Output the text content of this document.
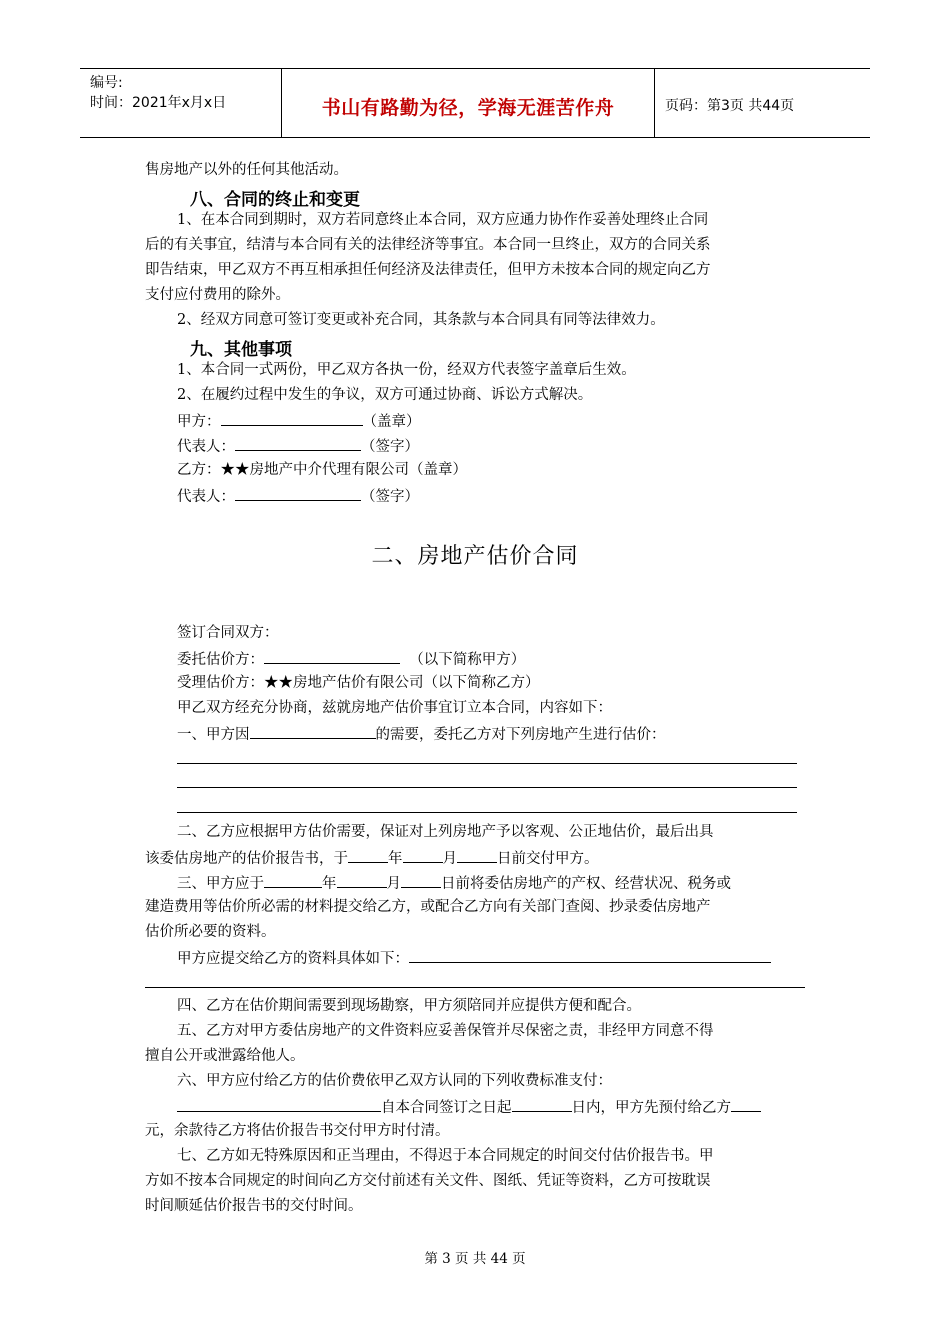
编号:
时间：2021年x月x日	书山有路勤为径，学海无涯苦作舟	页码：第3页 共44页
售房地产以外的任何其他活动。
八、合同的终止和变更
1、在本合同到期时，双方若同意终止本合同，双方应通力协作作妥善处理终止合同
后的有关事宜，结清与本合同有关的法律经济等事宜。本合同一旦终止，双方的合同关系
即告结束，甲乙双方不再互相承担任何经济及法律责任，但甲方未按本合同的规定向乙方
支付应付费用的除外。
2、经双方同意可签订变更或补充合同，其条款与本合同具有同等法律效力。
九、其他事项
1、本合同一式两份，甲乙双方各执一份，经双方代表签字盖章后生效。
2、在履约过程中发生的争议，双方可通过协商、诉讼方式解决。
甲方：	（盖章）
代表人：	（签字）
乙方：★★房地产中介代理有限公司（盖章）
代表人：	（签字）
二、房地产估价合同
签订合同双方：
委托估价方：	（以下简称甲方）
受理估价方：★★房地产估价有限公司（以下简称乙方）
甲乙双方经充分协商，兹就房地产估价事宜订立本合同，内容如下：
一、甲方因	的需要，委托乙方对下列房地产生进行估价：
二、乙方应根据甲方估价需要，保证对上列房地产予以客观、公正地估价，最后出具
该委估房地产的估价报告书，于	年	月	日前交付甲方。
三、甲方应于	年	月	日前将委估房地产的产权、经营状况、税务或
建造费用等估价所必需的材料提交给乙方，或配合乙方向有关部门查阅、抄录委估房地产
估价所必要的资料。
甲方应提交给乙方的资料具体如下：
四、乙方在估价期间需要到现场勘察，甲方须陪同并应提供方便和配合。
五、乙方对甲方委估房地产的文件资料应妥善保管并尽保密之责，非经甲方同意不得
擅自公开或泄露给他人。
六、甲方应付给乙方的估价费依甲乙双方认同的下列收费标准支付：
自本合同签订之日起	日内，甲方先预付给乙方
元，余款待乙方将估价报告书交付甲方时付清。
七、乙方如无特殊原因和正当理由，不得迟于本合同规定的时间交付估价报告书。甲
方如不按本合同规定的时间向乙方交付前述有关文件、图纸、凭证等资料，乙方可按耽误
时间顺延估价报告书的交付时间。
第 3 页 共 44 页
